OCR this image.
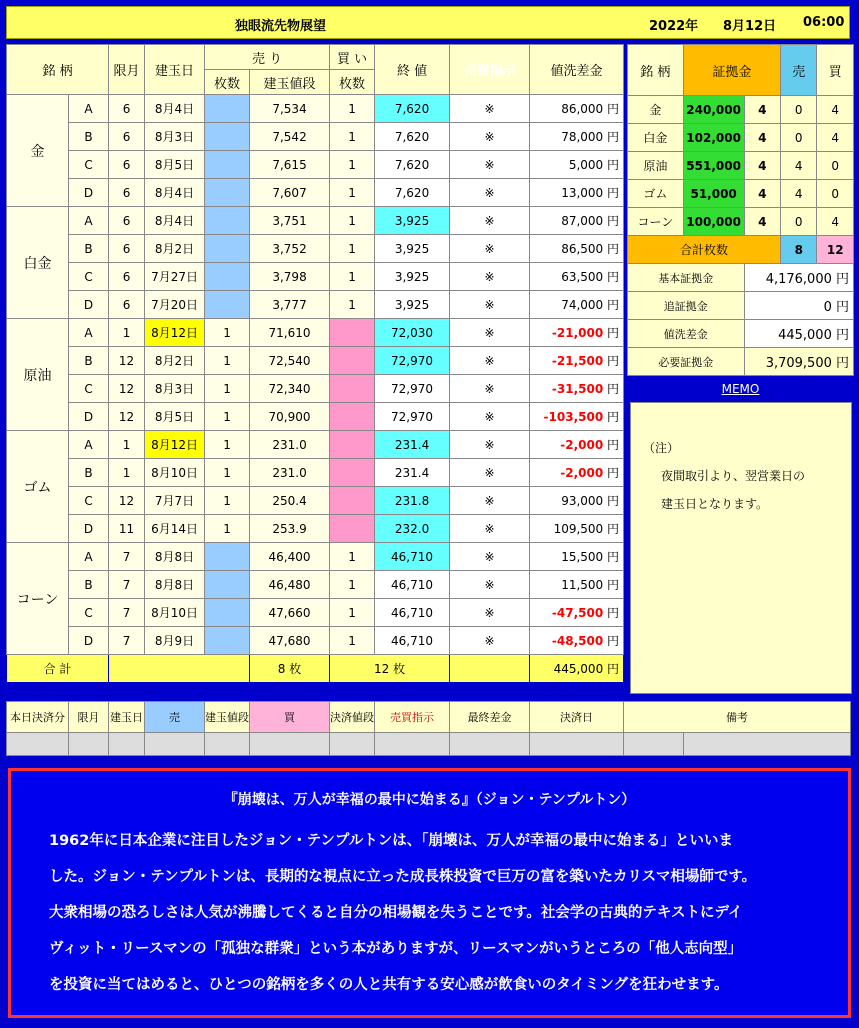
独眼流先物展望	2022年 8月12日 06:00
銘 柄		限月	建玉日	売 り		買 い	終 値	売買指示	値洗差金
				枚数	建玉値段	枚数			
金	A	6	8月4日		7,534	1	7,620	※	86,000 円
	B	6	8月3日		7,542	1	7,620	※	78,000 円
	C	6	8月5日		7,615	1	7,620	※	5,000 円
	D	6	8月4日		7,607	1	7,620	※	13,000 円
白金	A	6	8月4日		3,751	1	3,925	※	87,000 円
	B	6	8月2日		3,752	1	3,925	※	86,500 円
	C	6	7月27日		3,798	1	3,925	※	63,500 円
	D	6	7月20日		3,777	1	3,925	※	74,000 円
原油	A	1	8月12日	1	71,610		72,030	※	-21,000 円
	B	12	8月2日	1	72,540		72,970	※	-21,500 円
	C	12	8月3日	1	72,340		72,970	※	-31,500 円
	D	12	8月5日	1	70,900		72,970	※	-103,500 円
ゴム	A	1	8月12日	1	231.0		231.4	※	-2,000 円
	B	1	8月10日	1	231.0		231.4	※	-2,000 円
	C	12	7月7日	1	250.4		231.8	※	93,000 円
	D	11	6月14日	1	253.9		232.0	※	109,500 円
コーン	A	7	8月8日		46,400	1	46,710	※	15,500 円
	B	7	8月8日		46,480	1	46,710	※	11,500 円
	C	7	8月10日		47,660	1	46,710	※	-47,500 円
	D	7	8月9日		47,680	1	46,710	※	-48,500 円
合 計					8 枚	12 枚			445,000 円
銘 柄	証拠金		売	買
金	240,000	4	0	4
白金	102,000	4	0	4
原油	551,000	4	4	0
ゴム	51,000	4	4	0
コーン	100,000	4	0	4
合計枚数			8	12
基本証拠金		4,176,000 円		
追証拠金		0 円		
値洗差金		445,000 円		
必要証拠金		3,709,500 円		
MEMO
（注）
夜間取引より、翌営業日の
建玉日となります。
本日決済分	限月	建玉日	売	建玉値段	買	決済値段	売買指示	最終差金	決済日	備考	

『崩壊は、万人が幸福の最中に始まる』（ジョン・テンプルトン）
1962年に日本企業に注目したジョン・テンプルトンは、「崩壊は、万人が幸福の最中に始まる」といいま
した。ジョン・テンプルトンは、長期的な視点に立った成長株投資で巨万の富を築いたカリスマ相場師です。
大衆相場の恐ろしさは人気が沸騰してくると自分の相場観を失うことです。社会学の古典的テキストにデイ
ヴィット・リースマンの「孤独な群衆」という本がありますが、リースマンがいうところの「他人志向型」
を投資に当てはめると、ひとつの銘柄を多くの人と共有する安心感が飲食いのタイミングを狂わせます。
